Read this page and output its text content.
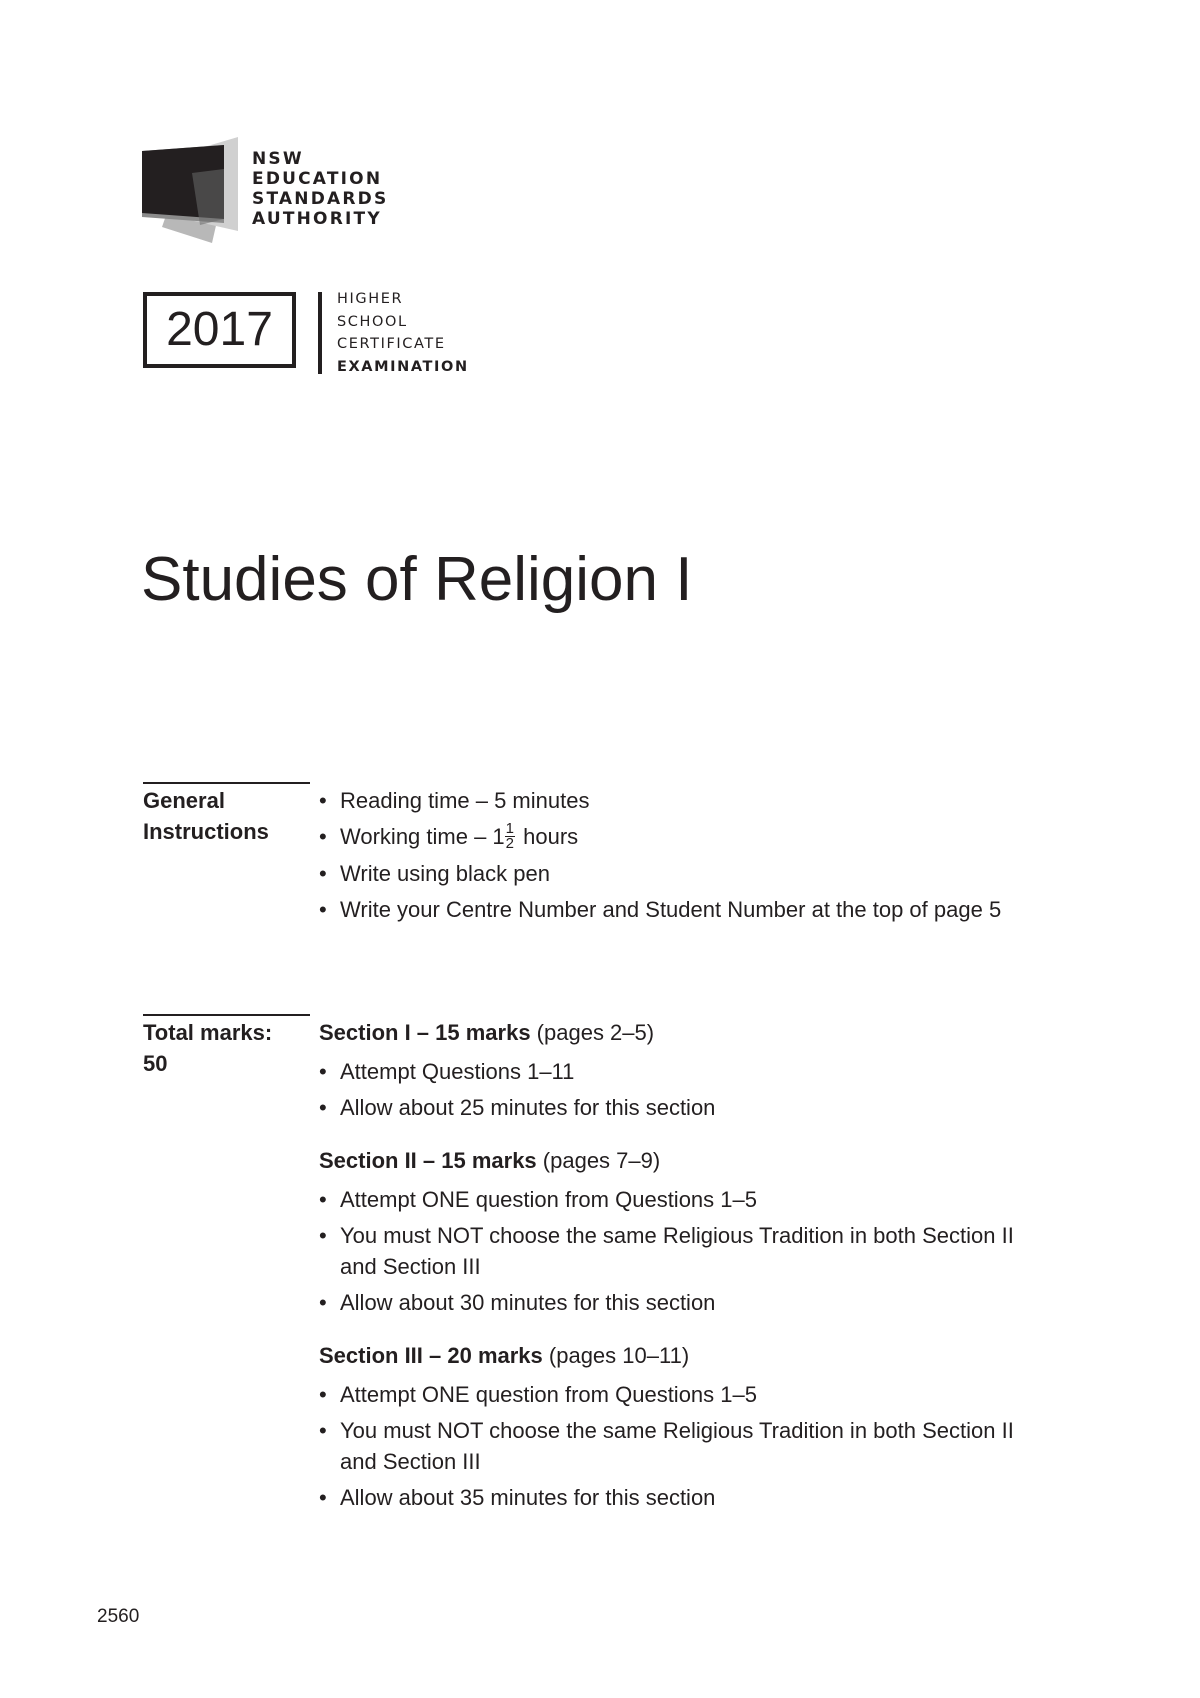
NSW
EDUCATION
STANDARDS
AUTHORITY
2017
HIGHER
SCHOOL
CERTIFICATE
EXAMINATION
Studies of Religion I
General
Instructions
• Reading time – 5 minutes
• Working time – $1 \frac{1}{2}$ hours
• Write using black pen
• Write your Centre Number and Student Number at the top of page 5
Total marks:
50
Section I – 15 marks (pages 2–5)
• Attempt Questions 1–11
• Allow about 25 minutes for this section
Section II – 15 marks (pages 7–9)
• Attempt ONE question from Questions 1–5
• You must NOT choose the same Religious Tradition in both Section II and Section III
• Allow about 30 minutes for this section
Section III – 20 marks (pages 10–11)
• Attempt ONE question from Questions 1–5
• You must NOT choose the same Religious Tradition in both Section II and Section III
• Allow about 35 minutes for this section
2560
